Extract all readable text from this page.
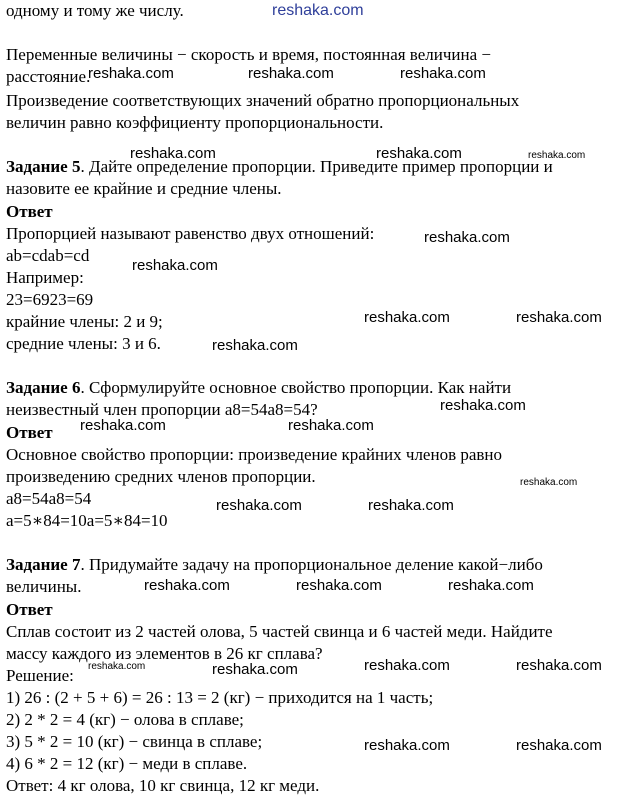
одному и тому же числу.

Переменные величины − скорость и время, постоянная величина −

расстояние.

Произведение соответствующих значений обратно пропорциональных

величин равно коэффициенту пропорциональности.

Задание 5. Дайте определение пропорции. Приведите пример пропорции и

назовите ее крайние и средние члены.

Ответ

Пропорцией называют равенство двух отношений:

ab=cdab=cd

Например:

23=6923=69

крайние члены: 2 и 9;

средние члены: 3 и 6.

Задание 6. Сформулируйте основное свойство пропорции. Как найти

неизвестный член пропорции a8=54a8=54?

Ответ

Основное свойство пропорции: произведение крайних членов равно

произведению средних членов пропорции.

a8=54a8=54

a=5∗84=10a=5∗84=10

Задание 7. Придумайте задачу на пропорциональное деление какой−либо

величины.

Ответ

Сплав состоит из 2 частей олова, 5 частей свинца и 6 частей меди. Найдите

массу каждого из элементов в 26 кг сплава?

Решение:

1) 26 : (2 + 5 + 6) = 26 : 13 = 2 (кг) − приходится на 1 часть;

2) 2 * 2 = 4 (кг) − олова в сплаве;

3) 5 * 2 = 10 (кг) − свинца в сплаве;

4) 6 * 2 = 12 (кг) − меди в сплаве.

Ответ: 4 кг олова, 10 кг свинца, 12 кг меди.

reshaka.com
reshaka.com	reshaka.com	reshaka.com
reshaka.com	reshaka.com	reshaka.com
reshaka.com
reshaka.com
reshaka.com	reshaka.com
reshaka.com
reshaka.com
reshaka.com	reshaka.com
reshaka.com
reshaka.com	reshaka.com
reshaka.com	reshaka.com	reshaka.com
reshaka.com	reshaka.com	reshaka.com	reshaka.com
reshaka.com	reshaka.com
